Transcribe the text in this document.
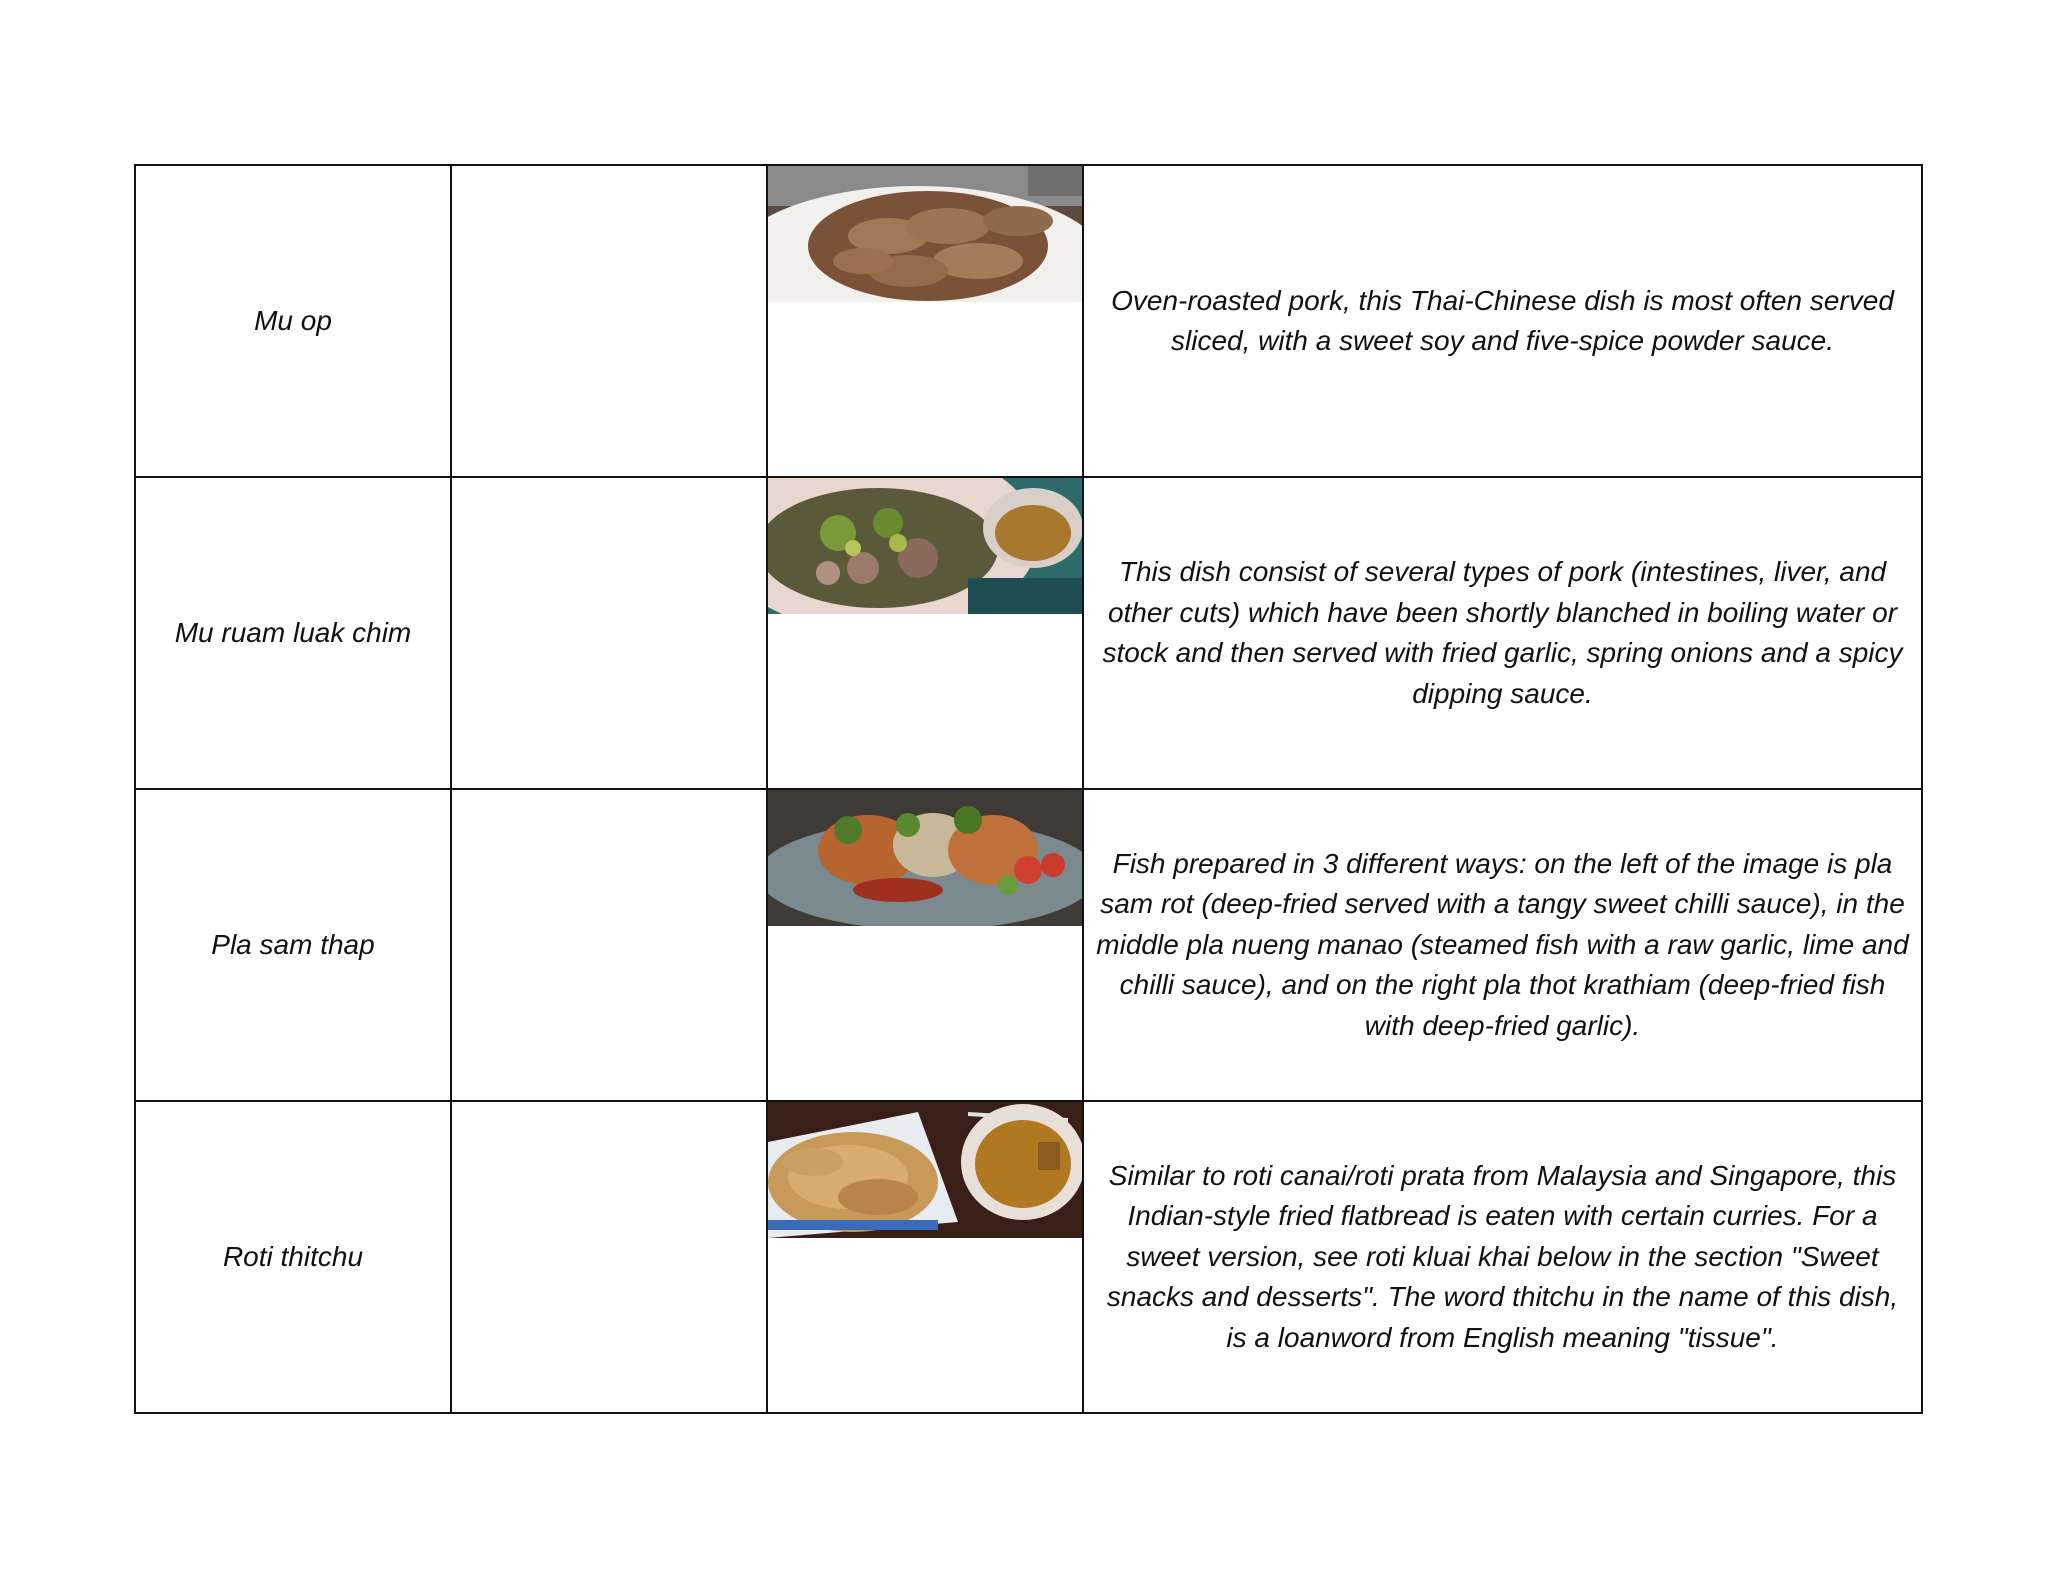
Mu op			Oven-roasted pork, this Thai-Chinese dish is most often served sliced, with a sweet soy and five-spice powder sauce.

Mu ruam luak chim			This dish consist of several types of pork (intestines, liver, and other cuts) which have been shortly blanched in boiling water or stock and then served with fried garlic, spring onions and a spicy dipping sauce.

Pla sam thap			Fish prepared in 3 different ways: on the left of the image is pla sam rot (deep-fried served with a tangy sweet chilli sauce), in the middle pla nueng manao (steamed fish with a raw garlic, lime and chilli sauce), and on the right pla thot krathiam (deep-fried fish with deep-fried garlic).

Roti thitchu			Similar to roti canai/roti prata from Malaysia and Singapore, this Indian-style fried flatbread is eaten with certain curries. For a sweet version, see roti kluai khai below in the section "Sweet snacks and desserts". The word thitchu in the name of this dish, is a loanword from English meaning "tissue".
